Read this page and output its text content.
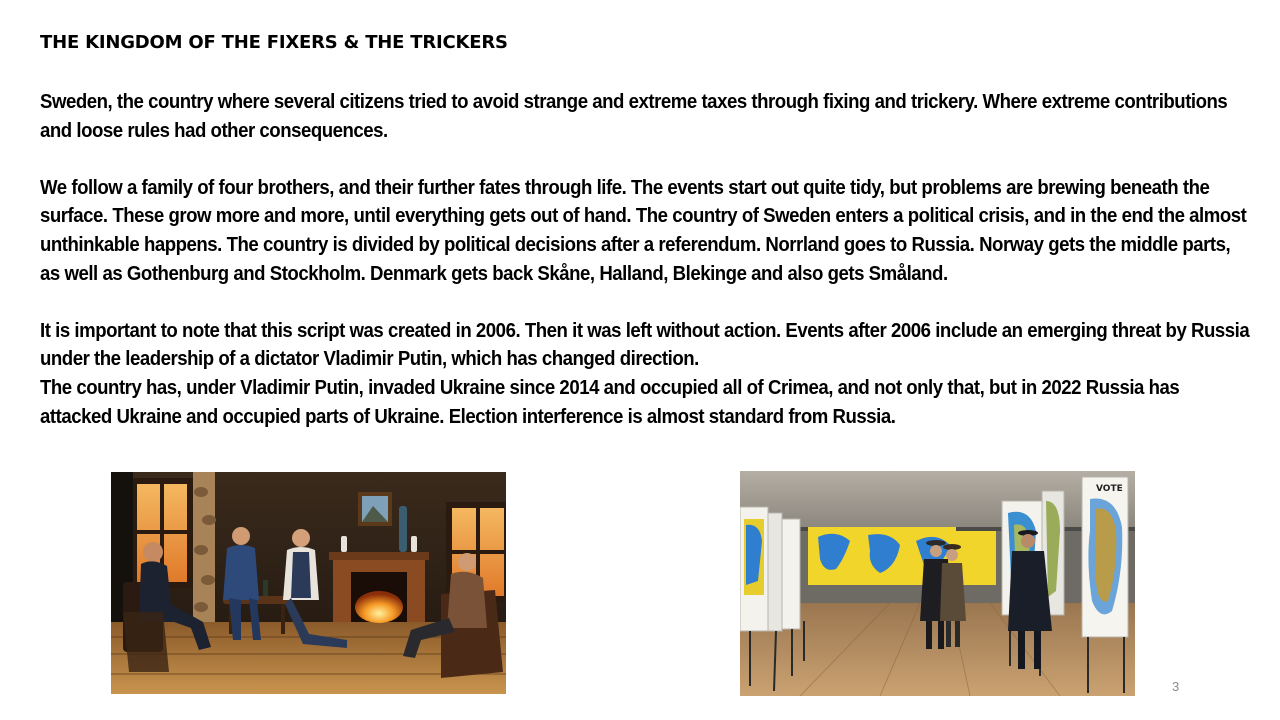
THE KINGDOM OF THE FIXERS & THE TRICKERS

Sweden, the country where several citizens tried to avoid strange and extreme taxes through fixing and trickery. Where extreme contributions and loose rules had other consequences.

We follow a family of four brothers, and their further fates through life. The events start out quite tidy, but problems are brewing beneath the surface. These grow more and more, until everything gets out of hand. The country of Sweden enters a political crisis, and in the end the almost unthinkable happens. The country is divided by political decisions after a referendum. Norrland goes to Russia. Norway gets the middle parts, as well as Gothenburg and Stockholm. Denmark gets back Skåne, Halland, Blekinge and also gets Småland.

It is important to note that this script was created in 2006. Then it was left without action. Events after 2006 include an emerging threat by Russia under the leadership of a dictator Vladimir Putin, which has changed direction.

The country has, under Vladimir Putin, invaded Ukraine since 2014 and occupied all of Crimea, and not only that, but in 2022 Russia has attacked Ukraine and occupied parts of Ukraine. Election interference is almost standard from Russia.

VOTE
3
